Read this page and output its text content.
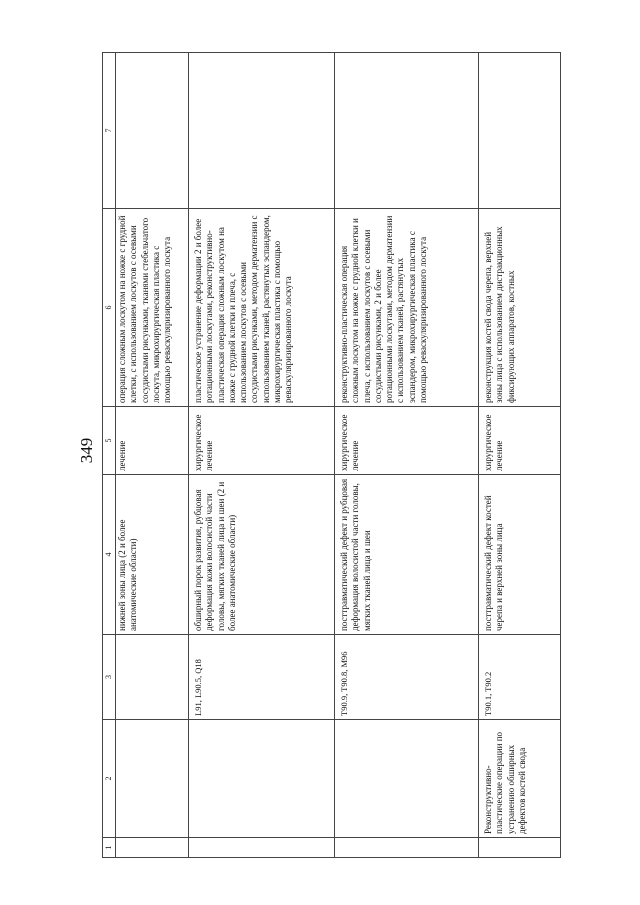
349
1	2	3	4	5	6	7
			нижней зоны лица (2 и более анатомические области)	лечение	операция сложным лоскутом на ножке с грудной клетки, с использованием лоскутов с осевыми сосудистыми рисунками, тканями стебельчатого лоскута, микрохирургическая пластика с помощью реваскуляризированного лоскута	
		L91, L90.5, Q18	обширный порок развития, рубцовая деформация кожи волосистой части головы, мягких тканей лица и шеи (2 и более анатомические области)	хирургическое лечение	пластическое устранение деформации 2 и более ротационными лоскутами, реконструктивно-пластическая операция сложным лоскутом на ножке с грудной клетки и плеча, с использованием лоскутов с осевыми сосудистыми рисунками, методом дерматензии с использованием тканей, растянутых эспандером, микрохирургическая пластика с помощью реваскуляризированного лоскута	
		T90.9, T90.8, M96	посттравматический дефект и рубцовая деформация волосистой части головы, мягких тканей лица и шеи	хирургическое лечение	реконструктивно-пластическая операция сложным лоскутом на ножке с грудной клетки и плеча, с использованием лоскутов с осевыми сосудистыми рисунками, 2 и более ротационными лоскутами, методом дерматензии с использованием тканей, растянутых эспандером, микрохирургическая пластика с помощью реваскуляризированного лоскута	
	Реконструктивно-пластические операции по устранению обширных дефектов костей свода	T90.1, T90.2	посттравматический дефект костей черепа и верхней зоны лица	хирургическое лечение	реконструкция костей свода черепа, верхней зоны лица с использованием дистракционных фиксирующих аппаратов, костных	
